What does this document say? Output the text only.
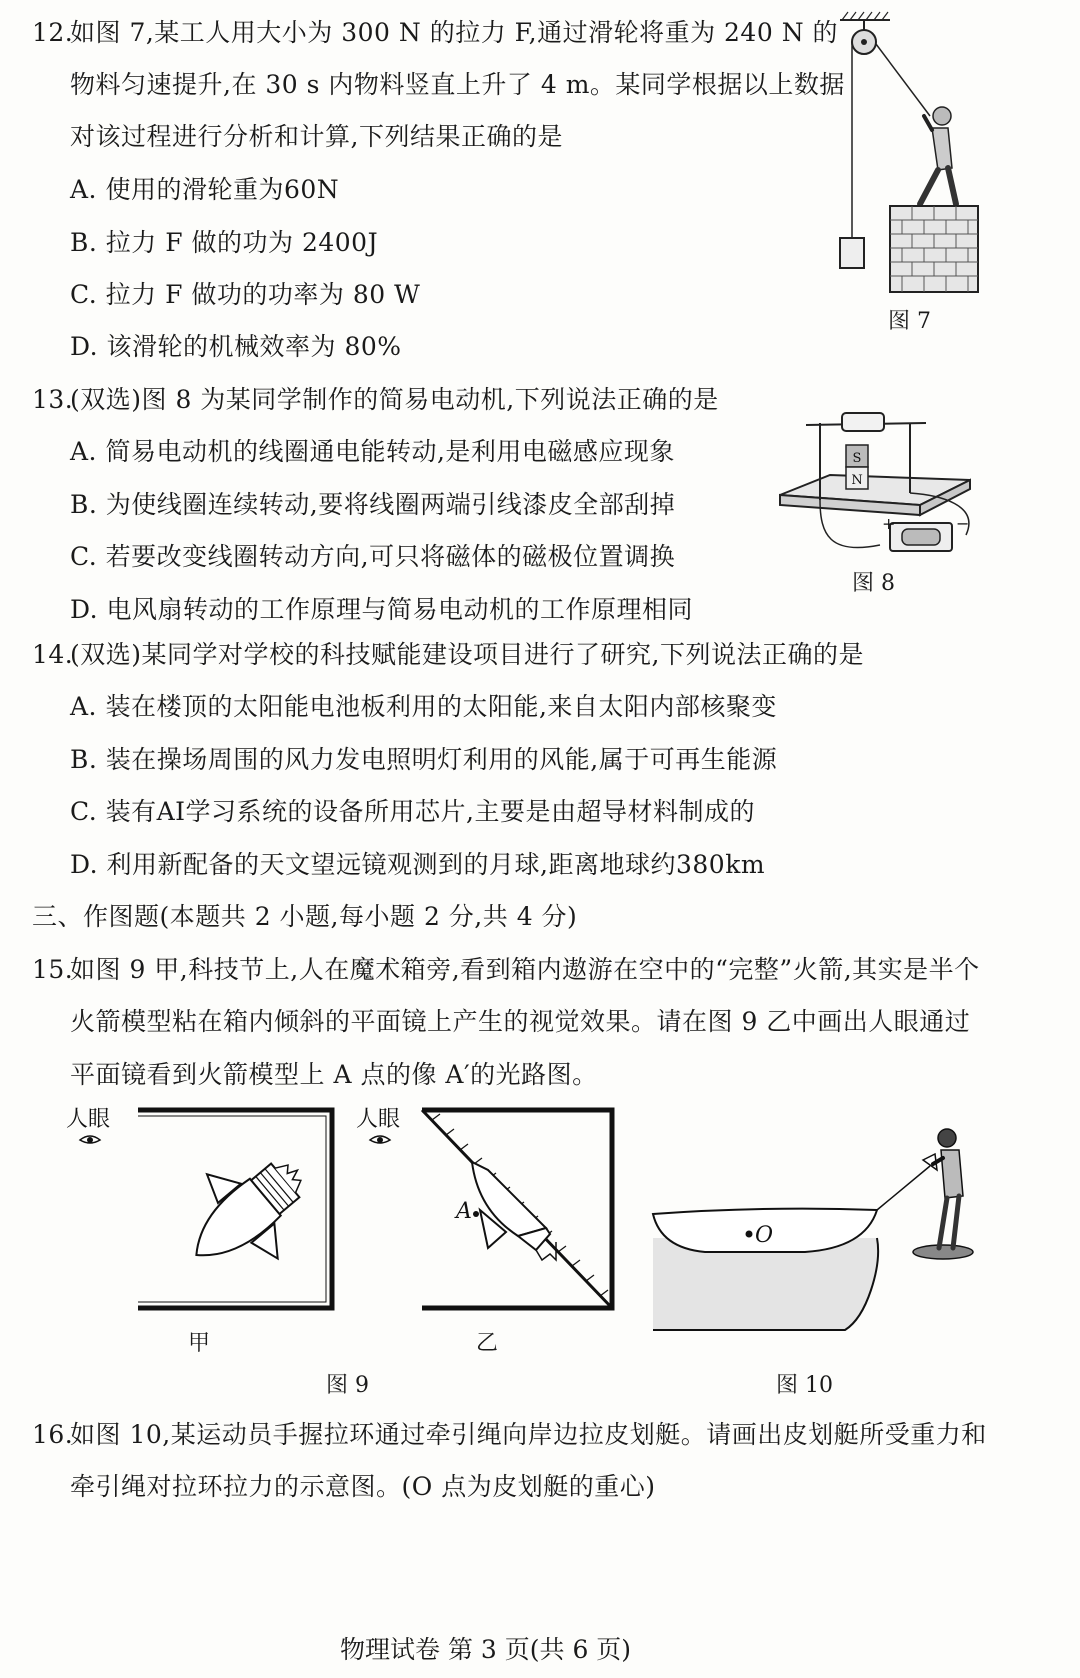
12.如图 7,某工人用大小为 300 N 的拉力 F,通过滑轮将重为 240 N 的
物料匀速提升,在 30 s 内物料竖直上升了 4 m。某同学根据以上数据
对该过程进行分析和计算,下列结果正确的是
A. 使用的滑轮重为60N
B. 拉力 F 做的功为 2400J
C. 拉力 F 做功的功率为 80 W
D. 该滑轮的机械效率为 80%
图 7
13.(双选)图 8 为某同学制作的简易电动机,下列说法正确的是
A. 简易电动机的线圈通电能转动,是利用电磁感应现象
B. 为使线圈连续转动,要将线圈两端引线漆皮全部刮掉
C. 若要改变线圈转动方向,可只将磁体的磁极位置调换
D. 电风扇转动的工作原理与简易电动机的工作原理相同
S
N
+	−
图 8
14.(双选)某同学对学校的科技赋能建设项目进行了研究,下列说法正确的是
A. 装在楼顶的太阳能电池板利用的太阳能,来自太阳内部核聚变
B. 装在操场周围的风力发电照明灯利用的风能,属于可再生能源
C. 装有AI学习系统的设备所用芯片,主要是由超导材料制成的
D. 利用新配备的天文望远镜观测到的月球,距离地球约380km
三、作图题(本题共 2 小题,每小题 2 分,共 4 分)
15.如图 9 甲,科技节上,人在魔术箱旁,看到箱内遨游在空中的“完整”火箭,其实是半个
火箭模型粘在箱内倾斜的平面镜上产生的视觉效果。请在图 9 乙中画出人眼通过
平面镜看到火箭模型上 A 点的像 A′的光路图。
人眼
甲
人眼
A
乙
图 9
O
图 10
16.如图 10,某运动员手握拉环通过牵引绳向岸边拉皮划艇。请画出皮划艇所受重力和
牵引绳对拉环拉力的示意图。(O 点为皮划艇的重心)
物理试卷 第 3 页(共 6 页)
